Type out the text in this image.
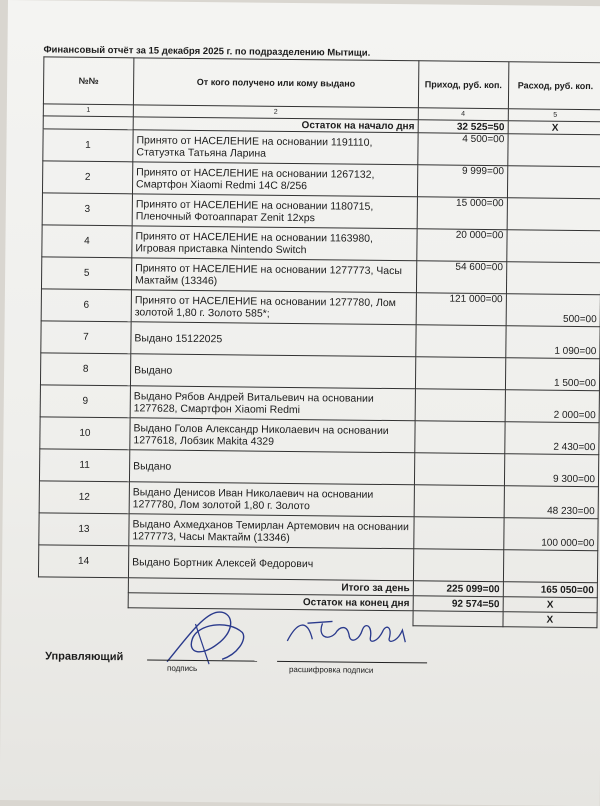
Финансовый отчёт за 15 декабря 2025 г. по подразделению Мытищи.
№№	От кого получено или кому выдано	Приход, руб. коп.	Расход, руб. коп.
1	2	4	5
	Остаток на начало дня	32 525=50	X
1	Принято от НАСЕЛЕНИЕ на основании 1191110, Статуэтка Татьяна Ларина	4 500=00	
2	Принято от НАСЕЛЕНИЕ на основании 1267132, Смартфон Xiaomi Redmi 14C 8/256	9 999=00	
3	Принято от НАСЕЛЕНИЕ на основании 1180715, Пленочный Фотоаппарат Zenit 12xps	15 000=00	
4	Принято от НАСЕЛЕНИЕ на основании 1163980, Игровая приставка Nintendo Switch	20 000=00	
5	Принято от НАСЕЛЕНИЕ на основании 1277773, Часы Мактайм (13346)	54 600=00	
6	Принято от НАСЕЛЕНИЕ на основании 1277780, Лом золотой 1,80 г. Золото 585*;	121 000=00	500=00
7	Выдано 15122025		1 090=00
8	Выдано		1 500=00
9	Выдано Рябов Андрей Витальевич на основании 1277628, Смартфон Xiaomi Redmi		2 000=00
10	Выдано Голов Александр Николаевич на основании 1277618, Лобзик Makita 4329		2 430=00
11	Выдано		9 300=00
12	Выдано Денисов Иван Николаевич на основании 1277780, Лом золотой 1,80 г. Золото		48 230=00
13	Выдано Ахмедханов Темирлан Артемович на основании 1277773, Часы Мактайм (13346)		100 000=00
14	Выдано Бортник Алексей Федорович		
	Итого за день	225 099=00	165 050=00
	Остаток на конец дня	92 574=50	X
			X
Управляющий
подпись	расшифровка подписи
